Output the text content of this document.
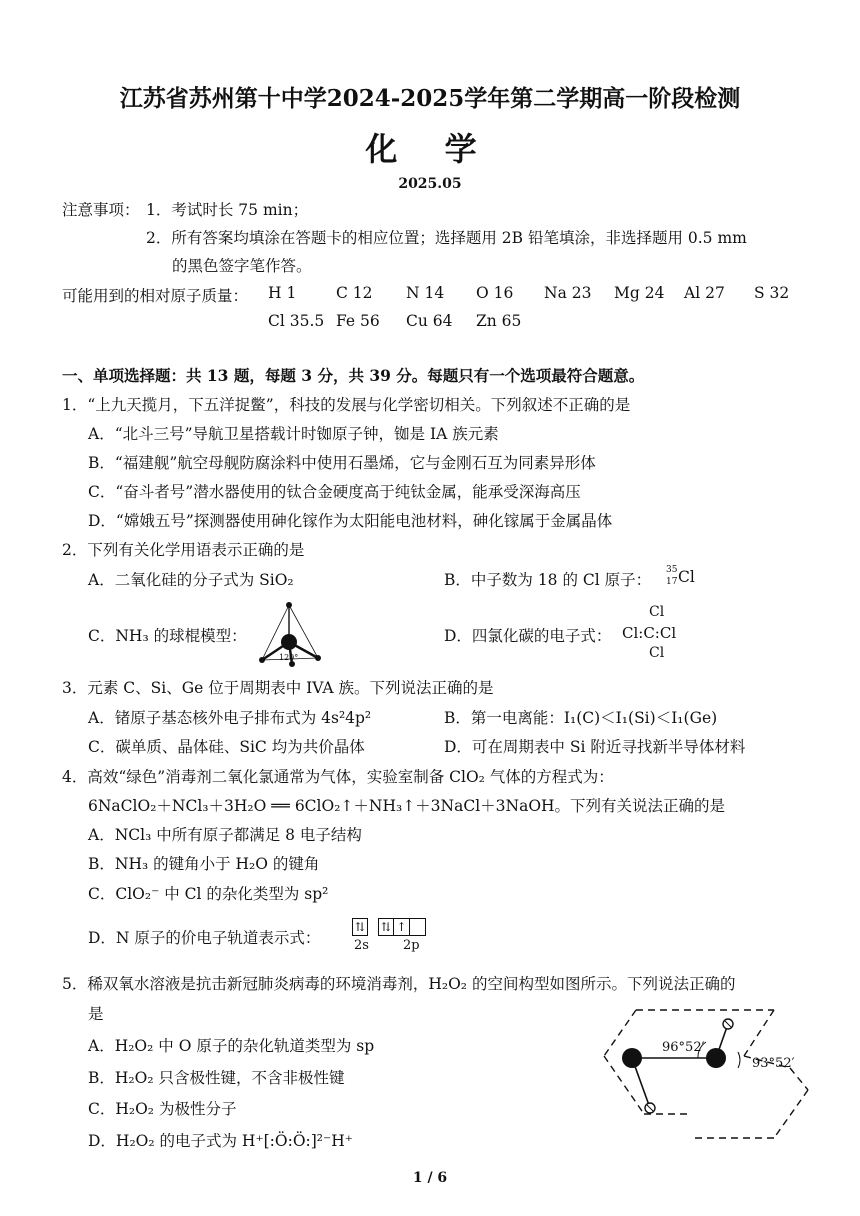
江苏省苏州第十中学2024-2025学年第二学期高一阶段检测
化 学
2025.05
注意事项： 1．考试时长 75 min；
2．所有答案均填涂在答题卡的相应位置；选择题用 2B 铅笔填涂，非选择题用 0.5 mm
的黑色签字笔作答。
可能用到的相对原子质量： H 1	C 12 N 14 O 16 Na 23 Mg 24 Al 27 S 32
Cl 35.5 Fe 56 Cu 64 Zn 65
一、单项选择题：共 13 题，每题 3 分，共 39 分。每题只有一个选项最符合题意。
1．“上九天揽月，下五洋捉鳖”，科技的发展与化学密切相关。下列叙述不正确的是
A．“北斗三号”导航卫星搭载计时铷原子钟，铷是 IA 族元素
B．“福建舰”航空母舰防腐涂料中使用石墨烯，它与金刚石互为同素异形体
C．“奋斗者号”潜水器使用的钛合金硬度高于纯钛金属，能承受深海高压
D．“嫦娥五号”探测器使用砷化镓作为太阳能电池材料，砷化镓属于金属晶体
2．下列有关化学用语表示正确的是
A．二氧化硅的分子式为 SiO₂	B．中子数为 18 的 Cl 原子：
35
17 Cl
C．NH₃ 的球棍模型：
120°
D．四氯化碳的电子式：
Cl
Cl:C:Cl
Cl
3．元素 C、Si、Ge 位于周期表中 IVA 族。下列说法正确的是
A．锗原子基态核外电子排布式为 4s²4p²	B．第一电离能：I₁(C)＜I₁(Si)＜I₁(Ge)
C．碳单质、晶体硅、SiC 均为共价晶体	D．可在周期表中 Si 附近寻找新半导体材料
4．高效“绿色”消毒剂二氧化氯通常为气体，实验室制备 ClO₂ 气体的方程式为：
6NaClO₂＋NCl₃＋3H₂O ══ 6ClO₂↑＋NH₃↑＋3NaCl＋3NaOH。下列有关说法正确的是
A．NCl₃ 中所有原子都满足 8 电子结构
B．NH₃ 的键角小于 H₂O 的键角
C．ClO₂⁻ 中 Cl 的杂化类型为 sp²
D．N 原子的价电子轨道表示式：
⇅ ⇅ ↑
2s	2p
5．稀双氧水溶液是抗击新冠肺炎病毒的环境消毒剂，H₂O₂ 的空间构型如图所示。下列说法正确的
是
A．H₂O₂ 中 O 原子的杂化轨道类型为 sp
B．H₂O₂ 只含极性键，不含非极性键
C．H₂O₂ 为极性分子
D．H₂O₂ 的电子式为 H⁺[:Ö:Ö:]²⁻H⁺
96°52′
93°52′
1 / 6
